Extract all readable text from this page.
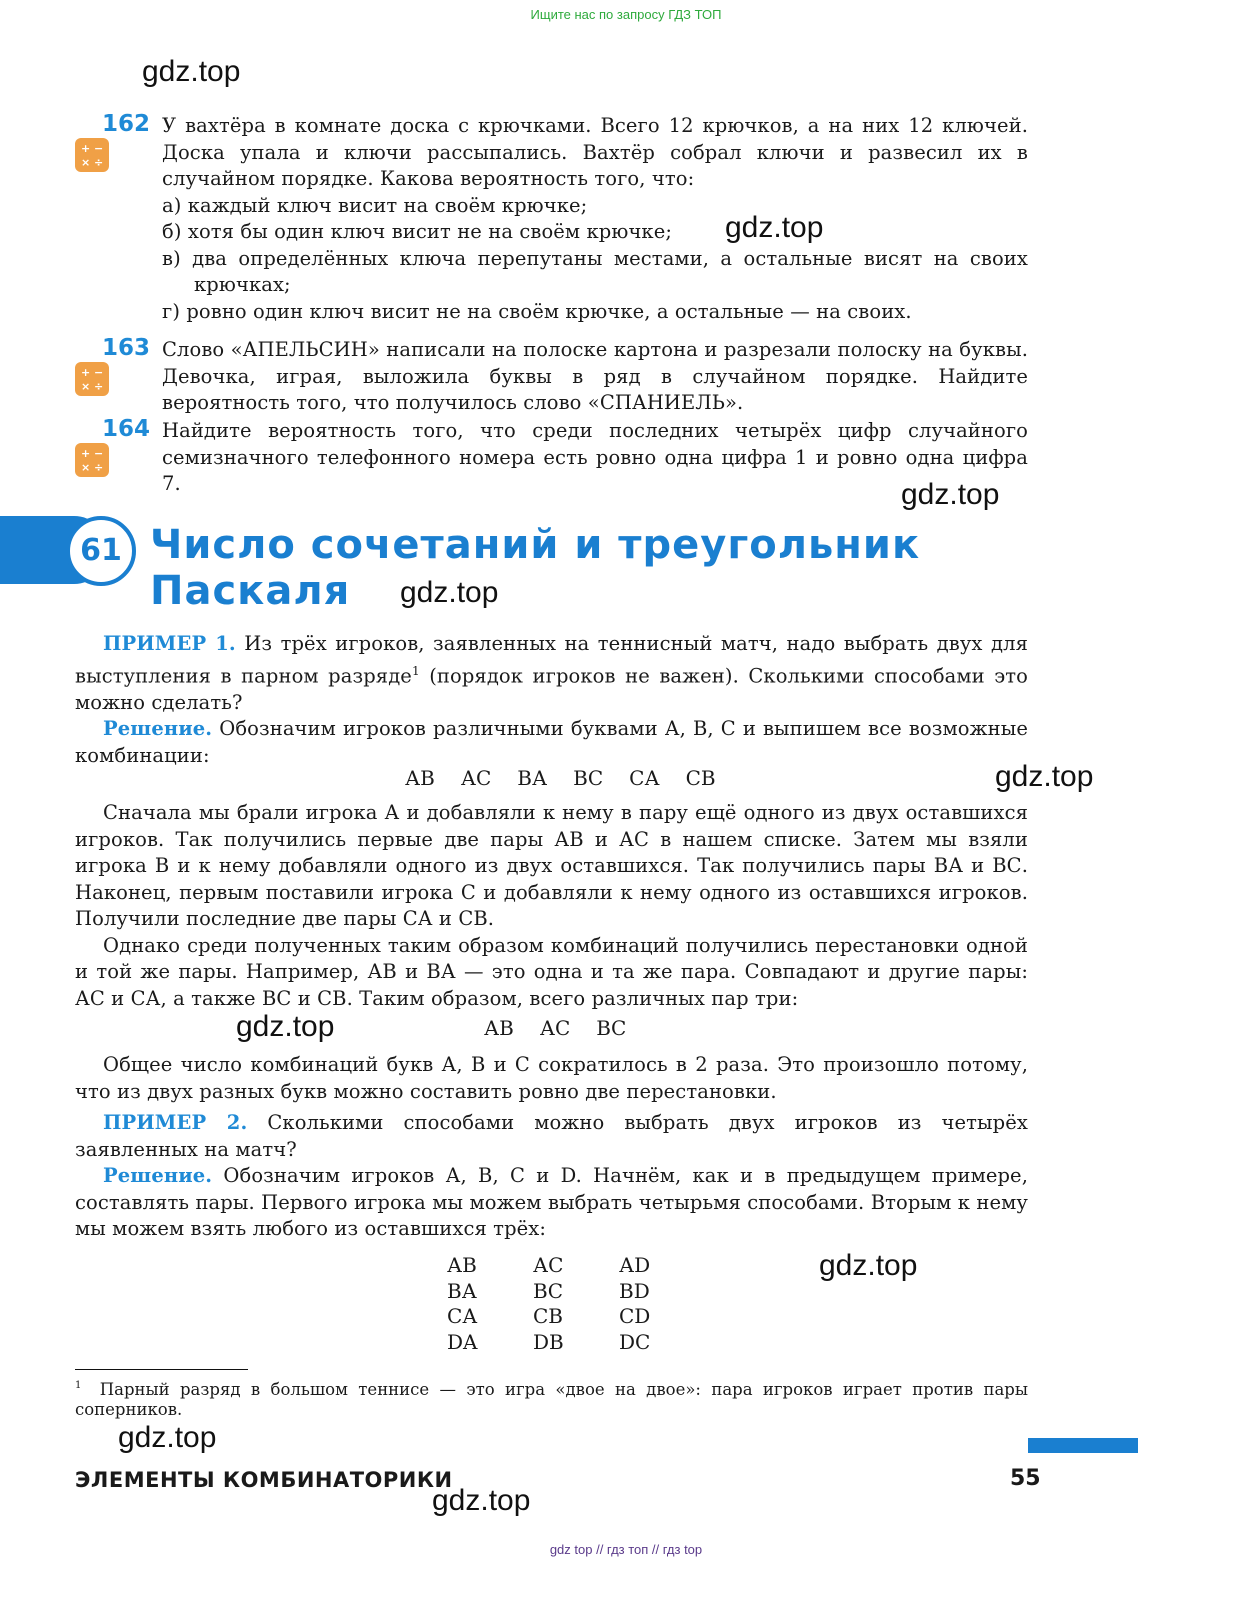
Ищите нас по запросу ГДЗ ТОП
gdz.top
gdz.top
gdz.top
gdz.top
gdz.top
gdz.top
gdz.top
gdz.top
gdz.top
162
+ −
× ÷

У вахтёра в комнате доска с крючками. Всего 12 крючков, а на них 12 ключей. Доска упала и ключи рассыпались. Вахтёр собрал ключи и развесил их в случайном порядке. Какова вероятность того, что:

а) каждый ключ висит на своём крючке;

б) хотя бы один ключ висит не на своём крючке;

в) два определённых ключа перепутаны местами, а остальные висят на своих крючках;

г) ровно один ключ висит не на своём крючке, а остальные — на своих.

163
+ −
× ÷

Слово «АПЕЛЬСИН» написали на полоске картона и разрезали полоску на буквы. Девочка, играя, выложила буквы в ряд в случайном порядке. Найдите вероятность того, что получилось слово «СПАНИЕЛЬ».

164
+ −
× ÷

Найдите вероятность того, что среди последних четырёх цифр случайного семизначного телефонного номера есть ровно одна цифра 1 и ровно одна цифра 7.

61 Число сочетаний и треугольник
Паскаля

ПРИМЕР 1. Из трёх игроков, заявленных на теннисный матч, надо выбрать двух для выступления в парном разряде$^1$ (порядок игроков не важен). Сколькими способами это можно сделать?

Решение. Обозначим игроков различными буквами А, В, С и выпишем все возможные комбинации:

АВ АС ВА ВС СА СВ

Сначала мы брали игрока А и добавляли к нему в пару ещё одного из двух оставшихся игроков. Так получились первые две пары АВ и АС в нашем списке. Затем мы взяли игрока В и к нему добавляли одного из двух оставшихся. Так получились пары ВА и ВС. Наконец, первым поставили игрока С и добавляли к нему одного из оставшихся игроков. Получили последние две пары СА и СВ.

Однако среди полученных таким образом комбинаций получились перестановки одной и той же пары. Например, АВ и ВА — это одна и та же пара. Совпадают и другие пары: АС и СА, а также ВС и СВ. Таким образом, всего различных пар три:

АВ АС ВС

Общее число комбинаций букв А, В и С сократилось в 2 раза. Это произошло потому, что из двух разных букв можно составить ровно две перестановки.

ПРИМЕР 2. Сколькими способами можно выбрать двух игроков из четырёх заявленных на матч?

Решение. Обозначим игроков А, В, С и D. Начнём, как и в предыдущем примере, составлять пары. Первого игрока мы можем выбрать четырьмя способами. Вторым к нему мы можем взять любого из оставшихся трёх:

АВ	АС	АD
ВА	ВС	ВD
СА	СВ	СD
DA	DB	DC
$^1$ Парный разряд в большом теннисе — это игра «двое на двое»: пара игроков играет против пары соперников.
ЭЛЕМЕНТЫ КОМБИНАТОРИКИ	55
gdz top // гдз топ // гдз top
